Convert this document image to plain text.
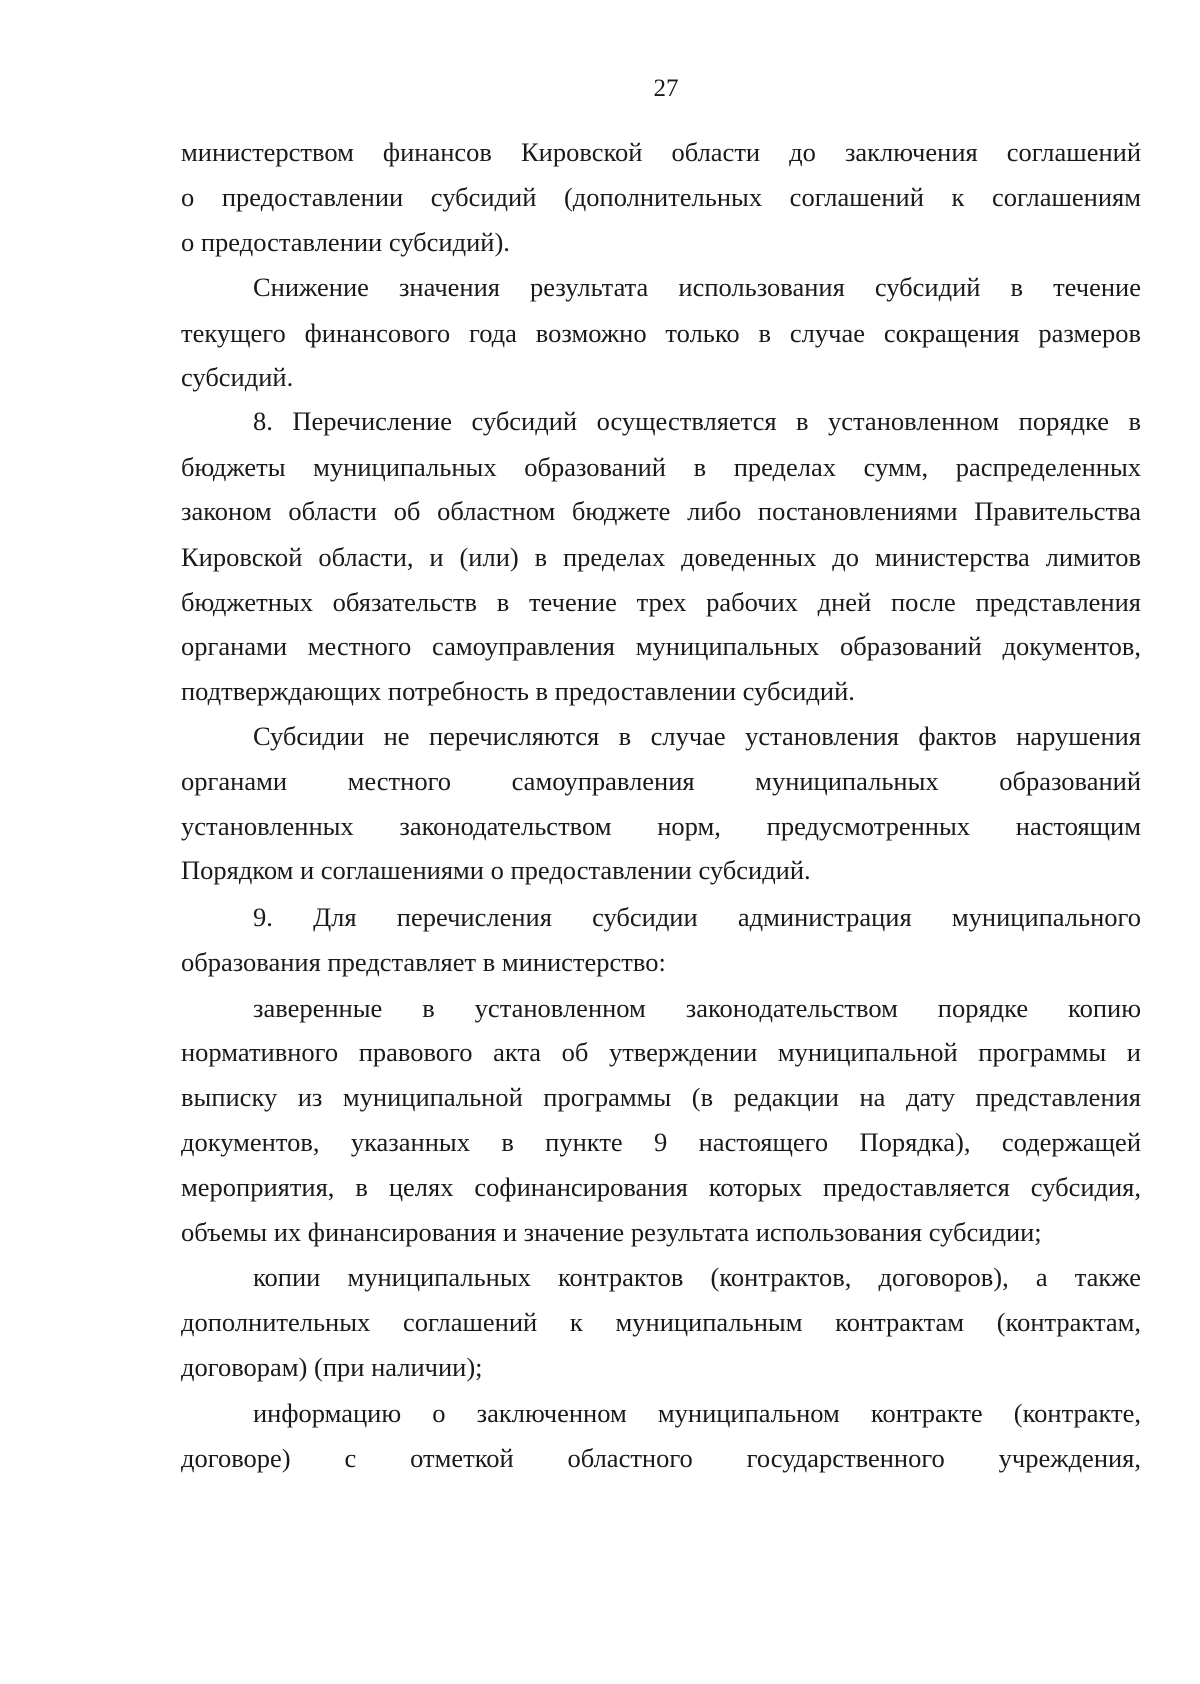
27
министерством финансов Кировской области до заключения соглашений
о предоставлении субсидий (дополнительных соглашений к соглашениям
о предоставлении субсидий).
Снижение значения результата использования субсидий в течение
текущего финансового года возможно только в случае сокращения размеров
субсидий.
8. Перечисление субсидий осуществляется в установленном порядке в
бюджеты муниципальных образований в пределах сумм, распределенных
законом области об областном бюджете либо постановлениями Правительства
Кировской области, и (или) в пределах доведенных до министерства лимитов
бюджетных обязательств в течение трех рабочих дней после представления
органами местного самоуправления муниципальных образований документов,
подтверждающих потребность в предоставлении субсидий.
Субсидии не перечисляются в случае установления фактов нарушения
органами местного самоуправления муниципальных образований
установленных законодательством норм, предусмотренных настоящим
Порядком и соглашениями о предоставлении субсидий.
9. Для перечисления субсидии администрация муниципального
образования представляет в министерство:
заверенные в установленном законодательством порядке копию
нормативного правового акта об утверждении муниципальной программы и
выписку из муниципальной программы (в редакции на дату представления
документов, указанных в пункте 9 настоящего Порядка), содержащей
мероприятия, в целях софинансирования которых предоставляется субсидия,
объемы их финансирования и значение результата использования субсидии;
копии муниципальных контрактов (контрактов, договоров), а также
дополнительных соглашений к муниципальным контрактам (контрактам,
договорам) (при наличии);
информацию о заключенном муниципальном контракте (контракте,
договоре) с отметкой областного государственного учреждения,
